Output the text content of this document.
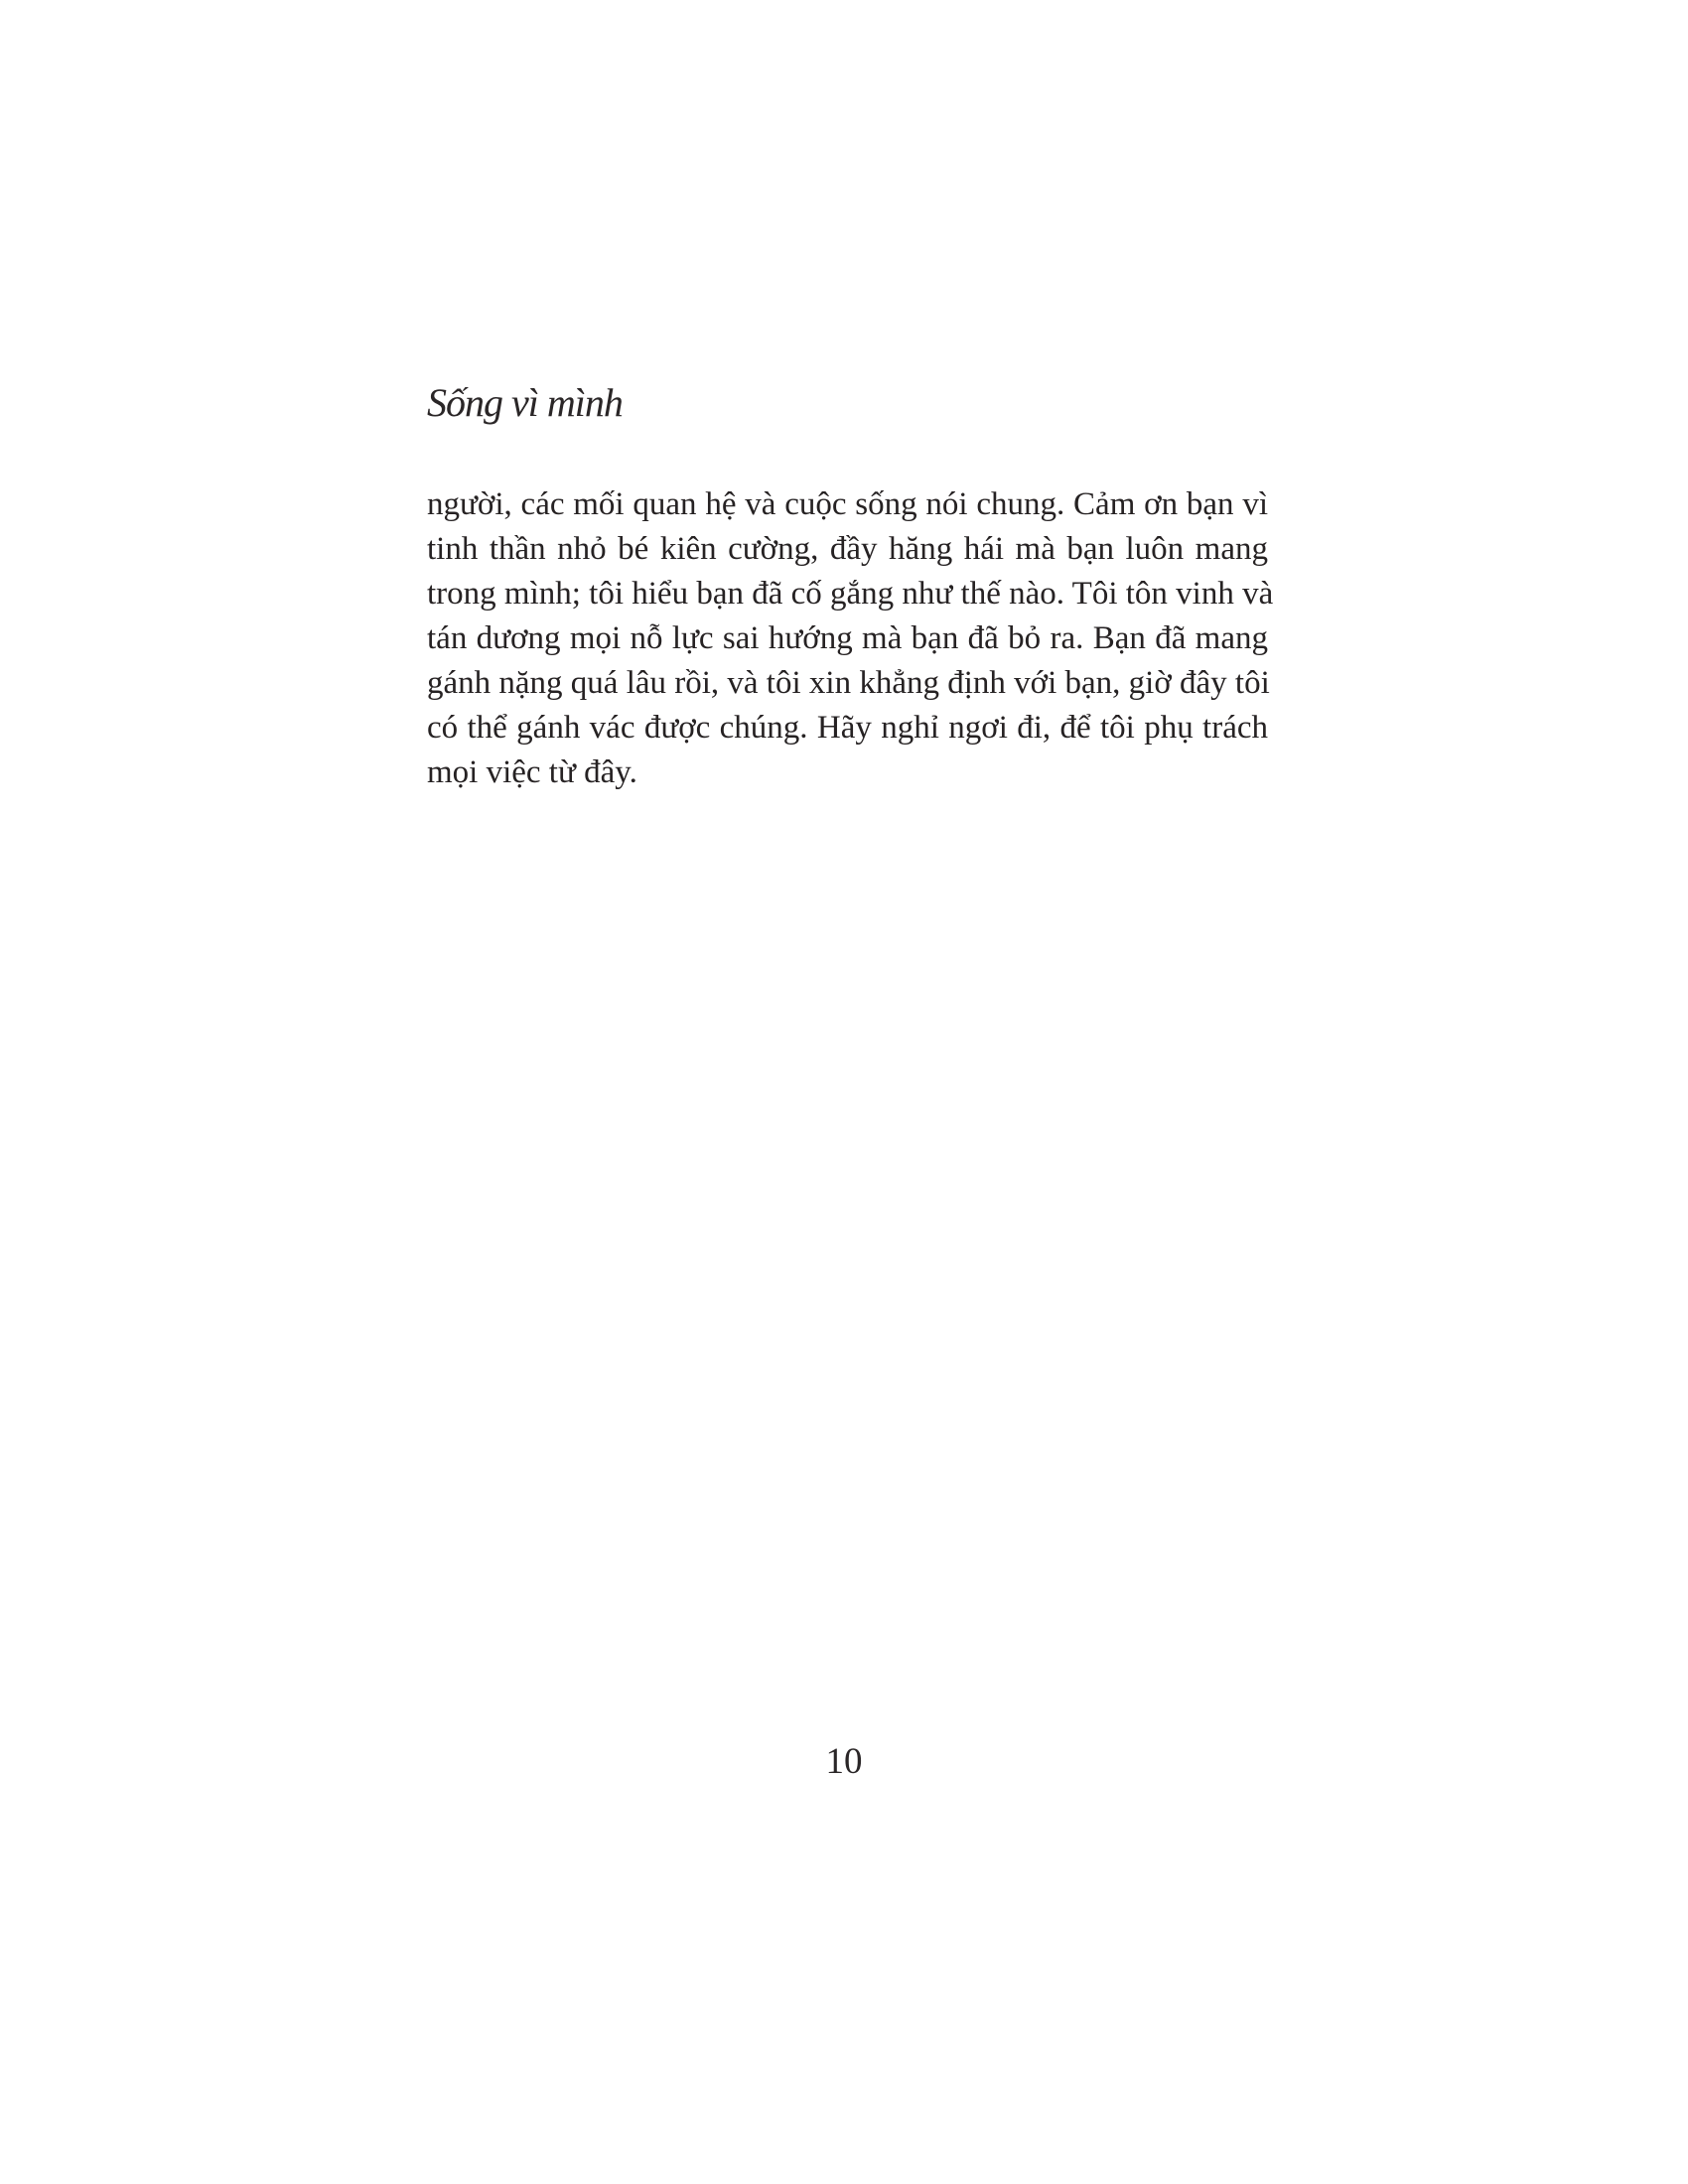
Sống vì mình
người, các mối quan hệ và cuộc sống nói chung. Cảm ơn bạn vì
tinh thần nhỏ bé kiên cường, đầy hăng hái mà bạn luôn mang
trong mình; tôi hiểu bạn đã cố gắng như thế nào. Tôi tôn vinh và
tán dương mọi nỗ lực sai hướng mà bạn đã bỏ ra. Bạn đã mang
gánh nặng quá lâu rồi, và tôi xin khẳng định với bạn, giờ đây tôi
có thể gánh vác được chúng. Hãy nghỉ ngơi đi, để tôi phụ trách
mọi việc từ đây.
10
